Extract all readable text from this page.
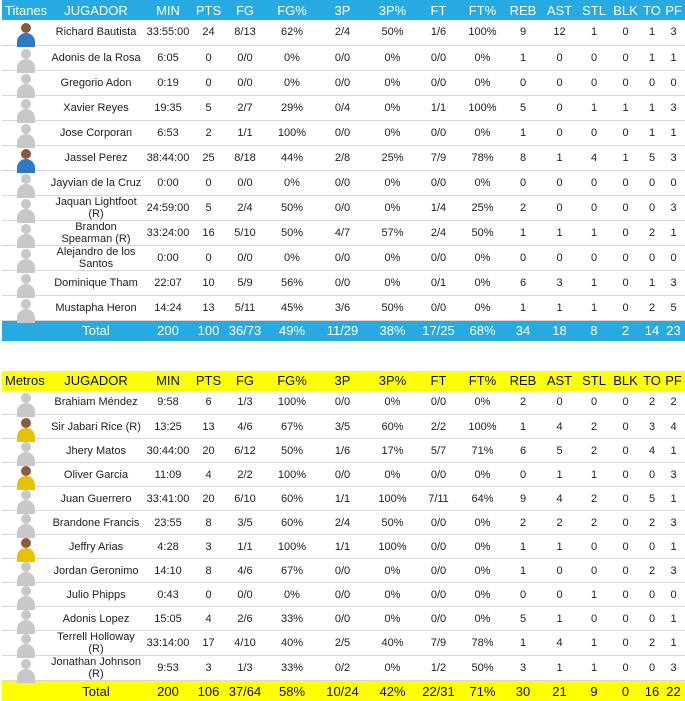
Titanes	JUGADOR	MIN	PTS	FG	FG%	3P	3P%	FT	FT%	REB	AST	STL	BLK	TO	PF

	Richard Bautista	33:55:00	24	8/13	62%	2/4	50%	1/6	100%	9	12	1	0	1	3

	Adonis de la Rosa	6:05	0	0/0	0%	0/0	0%	0/0	0%	1	0	0	0	1	1

	Gregorio Adon	0:19	0	0/0	0%	0/0	0%	0/0	0%	0	0	0	0	0	0

	Xavier Reyes	19:35	5	2/7	29%	0/4	0%	1/1	100%	5	0	1	1	1	3

	Jose Corporan	6:53	2	1/1	100%	0/0	0%	0/0	0%	1	0	0	0	1	1

	Jassel Perez	38:44:00	25	8/18	44%	2/8	25%	7/9	78%	8	1	4	1	5	3

	Jayvian de la Cruz	0:00	0	0/0	0%	0/0	0%	0/0	0%	0	0	0	0	0	0

	Jaquan Lightfoot (R)	24:59:00	5	2/4	50%	0/0	0%	1/4	25%	2	0	0	0	0	3

	Brandon Spearman (R)	33:24:00	16	5/10	50%	4/7	57%	2/4	50%	1	1	1	0	2	1

	Alejandro de los Santos	0:00	0	0/0	0%	0/0	0%	0/0	0%	0	0	0	0	0	0

	Dominique Tham	22:07	10	5/9	56%	0/0	0%	0/1	0%	6	3	1	0	1	3

	Mustapha Heron	14:24	13	5/11	45%	3/6	50%	0/0	0%	1	1	1	0	2	5
	Total	200	100	36/73	49%	11/29	38%	17/25	68%	34	18	8	2	14	23
Metros	JUGADOR	MIN	PTS	FG	FG%	3P	3P%	FT	FT%	REB	AST	STL	BLK	TO	PF

	Brahiam Méndez	9:58	6	1/3	100%	0/0	0%	0/0	0%	2	0	0	0	2	2

	Sir Jabari Rice (R)	13:25	13	4/6	67%	3/5	60%	2/2	100%	1	4	2	0	3	4

	Jhery Matos	30:44:00	20	6/12	50%	1/6	17%	5/7	71%	6	5	2	0	4	1

	Oliver Garcia	11:09	4	2/2	100%	0/0	0%	0/0	0%	0	1	1	0	0	3

	Juan Guerrero	33:41:00	20	6/10	60%	1/1	100%	7/11	64%	9	4	2	0	5	1

	Brandone Francis	23:55	8	3/5	60%	2/4	50%	0/0	0%	2	2	2	0	2	3

	Jeffry Arias	4:28	3	1/1	100%	1/1	100%	0/0	0%	1	1	0	0	0	1

	Jordan Geronimo	14:10	8	4/6	67%	0/0	0%	0/0	0%	1	0	0	0	2	3

	Julio Phipps	0:43	0	0/0	0%	0/0	0%	0/0	0%	0	0	1	0	0	0

	Adonis Lopez	15:05	4	2/6	33%	0/0	0%	0/0	0%	5	1	0	0	0	1

	Terrell Holloway (R)	33:14:00	17	4/10	40%	2/5	40%	7/9	78%	1	4	1	0	2	1

	Jonathan Johnson (R)	9:53	3	1/3	33%	0/2	0%	1/2	50%	3	1	1	0	0	3
	Total	200	106	37/64	58%	10/24	42%	22/31	71%	30	21	9	0	16	22
